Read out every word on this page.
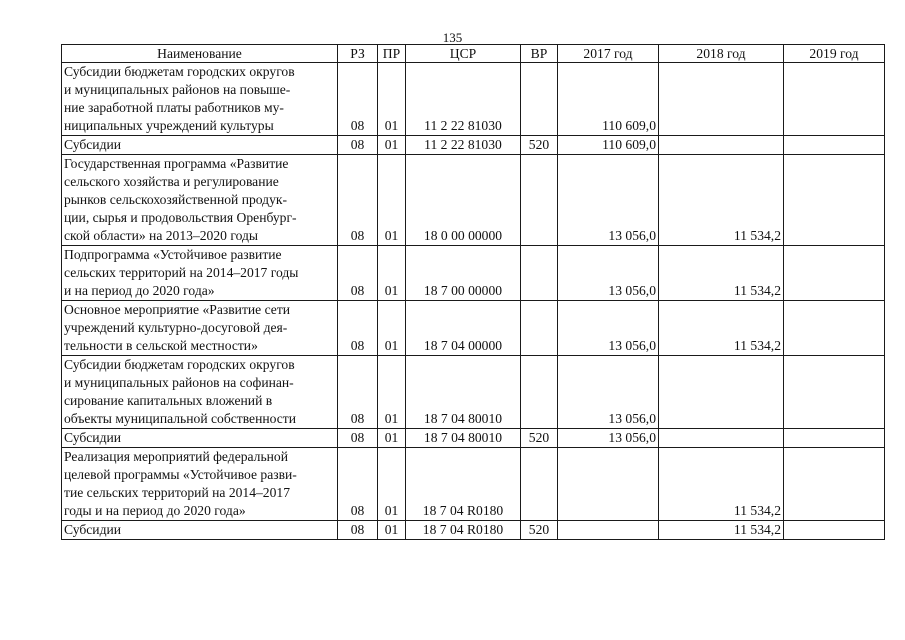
135
Наименование	РЗ	ПР	ЦСР	ВР	2017 год	2018 год	2019 год

Субсидии бюджетам городских округов
и муниципальных районов на повыше-
ние заработной платы работников му-
ниципальных учреждений культуры	08	01	11 2 22 81030		110 609,0		

Субсидии	08	01	11 2 22 81030	520	110 609,0		

Государственная программа «Развитие
сельского хозяйства и регулирование
рынков сельскохозяйственной продук-
ции, сырья и продовольствия Оренбург-
ской области» на 2013–2020 годы	08	01	18 0 00 00000		13 056,0	11 534,2	

Подпрограмма «Устойчивое развитие
сельских территорий на 2014–2017 годы
и на период до 2020 года»	08	01	18 7 00 00000		13 056,0	11 534,2	

Основное мероприятие «Развитие сети
учреждений культурно-досуговой дея-
тельности в сельской местности»	08	01	18 7 04 00000		13 056,0	11 534,2	

Субсидии бюджетам городских округов
и муниципальных районов на софинан-
сирование капитальных вложений в
объекты муниципальной собственности	08	01	18 7 04 80010		13 056,0		

Субсидии	08	01	18 7 04 80010	520	13 056,0		

Реализация мероприятий федеральной
целевой программы «Устойчивое разви-
тие сельских территорий на 2014–2017
годы и на период до 2020 года»	08	01	18 7 04 R0180			11 534,2	

Субсидии	08	01	18 7 04 R0180	520		11 534,2	
